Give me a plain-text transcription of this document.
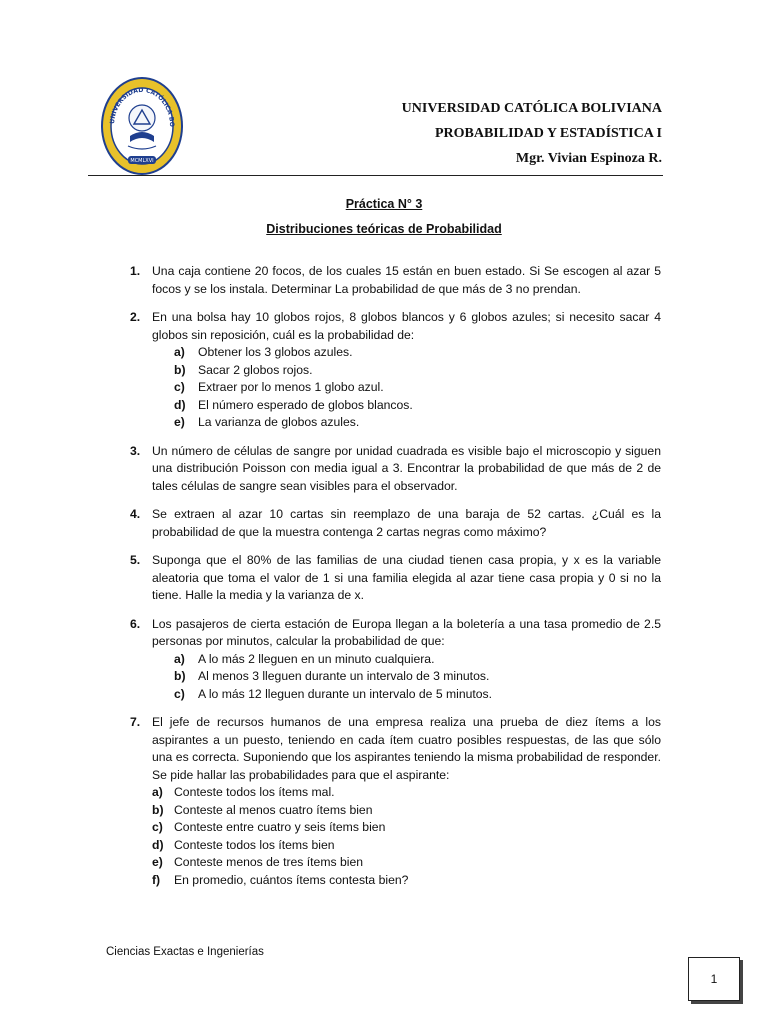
UNIVERSIDAD CATÓLICA BO
MCMLXVI
UNIVERSIDAD CATÓLICA BOLIVIANA
PROBABILIDAD Y ESTADÍSTICA I
Mgr. Vivian Espinoza R.
Práctica N° 3
Distribuciones teóricas de Probabilidad
1. Una caja contiene 20 focos, de los cuales 15 están en buen estado. Si Se escogen al azar 5 focos y se los instala. Determinar La probabilidad de que más de 3 no prendan.
2. En una bolsa hay 10 globos rojos, 8 globos blancos y 6 globos azules; si necesito sacar 4 globos sin reposición, cuál es la probabilidad de:
a) Obtener los 3 globos azules.
b) Sacar 2 globos rojos.
c) Extraer por lo menos 1 globo azul.
d) El número esperado de globos blancos.
e) La varianza de globos azules.
3. Un número de células de sangre por unidad cuadrada es visible bajo el microscopio y siguen una distribución Poisson con media igual a 3. Encontrar la probabilidad de que más de 2 de tales células de sangre sean visibles para el observador.
4. Se extraen al azar 10 cartas sin reemplazo de una baraja de 52 cartas. ¿Cuál es la probabilidad de que la muestra contenga 2 cartas negras como máximo?
5. Suponga que el 80% de las familias de una ciudad tienen casa propia, y x es la variable aleatoria que toma el valor de 1 si una familia elegida al azar tiene casa propia y 0 si no la tiene. Halle la media y la varianza de x.
6. Los pasajeros de cierta estación de Europa llegan a la boletería a una tasa promedio de 2.5 personas por minutos, calcular la probabilidad de que:
a) A lo más 2 lleguen en un minuto cualquiera.
b) Al menos 3 lleguen durante un intervalo de 3 minutos.
c) A lo más 12 lleguen durante un intervalo de 5 minutos.
7. El jefe de recursos humanos de una empresa realiza una prueba de diez ítems a los aspirantes a un puesto, teniendo en cada ítem cuatro posibles respuestas, de las que sólo una es correcta. Suponiendo que los aspirantes teniendo la misma probabilidad de responder. Se pide hallar las probabilidades para que el aspirante:
a) Conteste todos los ítems mal.
b) Conteste al menos cuatro ítems bien
c) Conteste entre cuatro y seis ítems bien
d) Conteste todos los ítems bien
e) Conteste menos de tres ítems bien
f) En promedio, cuántos ítems contesta bien?
Ciencias Exactas e Ingenierías
1
